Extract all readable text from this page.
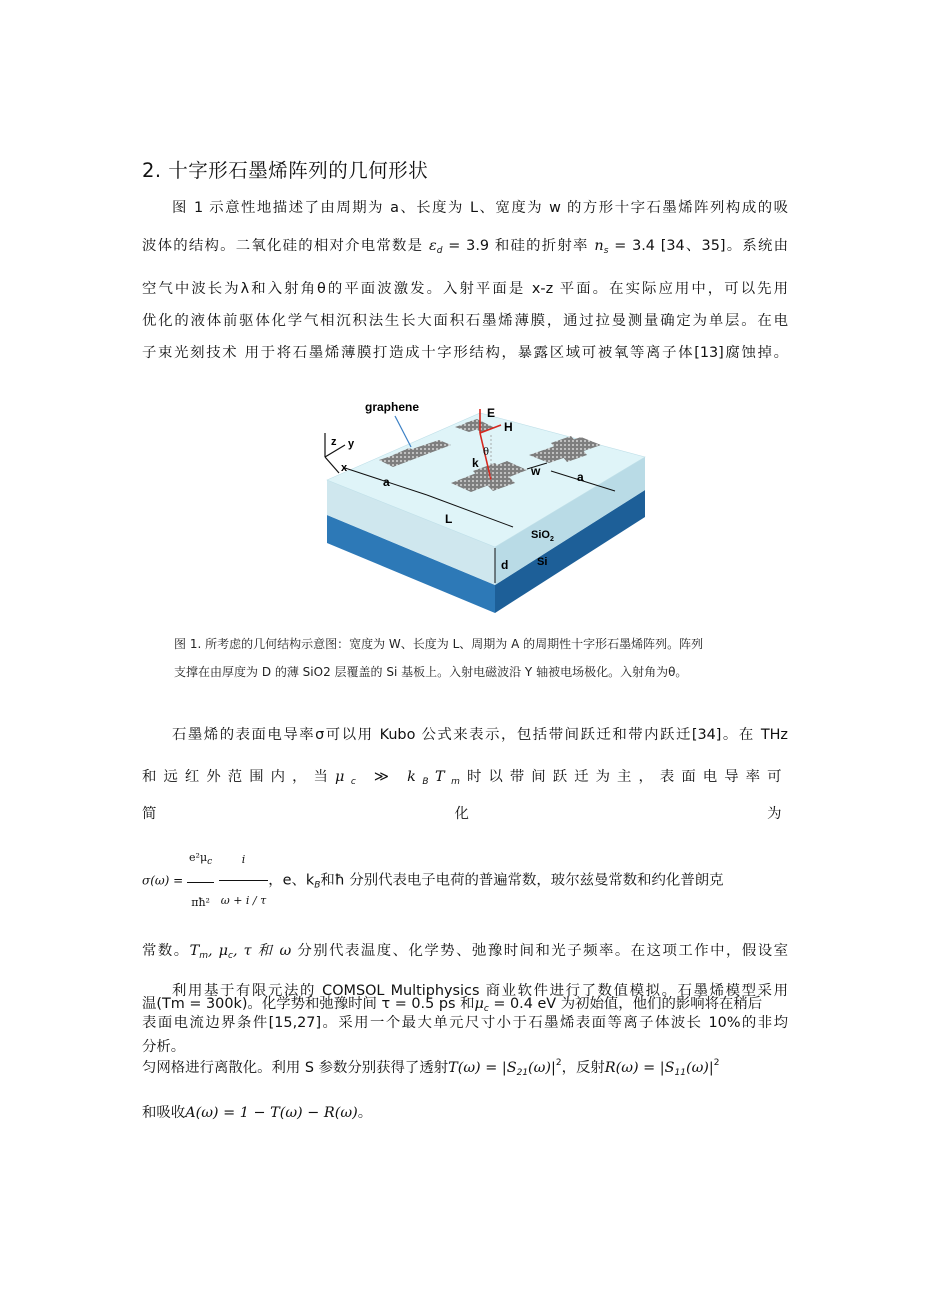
2. 十字形石墨烯阵列的几何形状

图 1 示意性地描述了由周期为 a、长度为 L、宽度为 w 的方形十字石墨烯阵列构成的吸

波体的结构。二氧化硅的相对介电常数是 $\varepsilon_d = 3.9$ 和硅的折射率 $n_s = 3.4$ [34、35]。系统由

空气中波长为λ和入射角θ的平面波激发。入射平面是 x-z 平面。在实际应用中，可以先用

优化的液体前驱体化学气相沉积法生长大面积石墨烯薄膜，通过拉曼测量确定为单层。在电

子束光刻技术 用于将石墨烯薄膜打造成十字形结构，暴露区域可被氧等离子体[13]腐蚀掉。

z y
x
a
L
w	a
d
SiO$_2$
Si
graphene	E
H
k
θ
图 1. 所考虑的几何结构示意图：宽度为 W、长度为 L、周期为 A 的周期性十字形石墨烯阵列。阵列
支撑在由厚度为 D 的薄 SiO2 层覆盖的 Si 基板上。入射电磁波沿 Y 轴被电场极化。入射角为θ。

石墨烯的表面电导率σ可以用 Kubo 公式来表示，包括带间跃迁和带内跃迁[34]。在 THz

和远红外范围内，当$\mu_c$ ≫ $k_BT_m$时以带间跃迁为主，表面电导率可简化为

$\sigma(\omega) = \frac{e^2\mu_c}{\text{πħ²}}$
$\frac{i}{\omega + i / \tau}$ ，e、$k_B$和ħ 分别代表电子电荷的普遍常数，玻尔兹曼常数和约化普朗克

常数。$T_m$, $\mu_c$, τ 和 ω 分别代表温度、化学势、弛豫时间和光子频率。在这项工作中，假设室

温(Tm = 300k)。化学势和弛豫时间 τ = 0.5 ps 和$\mu_c = 0.4$ eV 为初始值，他们的影响将在稍后

分析。

利用基于有限元法的 COMSOL Multiphysics 商业软件进行了数值模拟。石墨烯模型采用

表面电流边界条件[15,27]。采用一个最大单元尺寸小于石墨烯表面等离子体波长 10%的非均

匀网格进行离散化。利用 S 参数分别获得了透射$T(\omega) = |S_{21}(\omega)|^2$，反射$R(\omega) = |S_{11}(\omega)|^2$

和吸收A(ω) = 1 − T(ω) − R(ω)。
